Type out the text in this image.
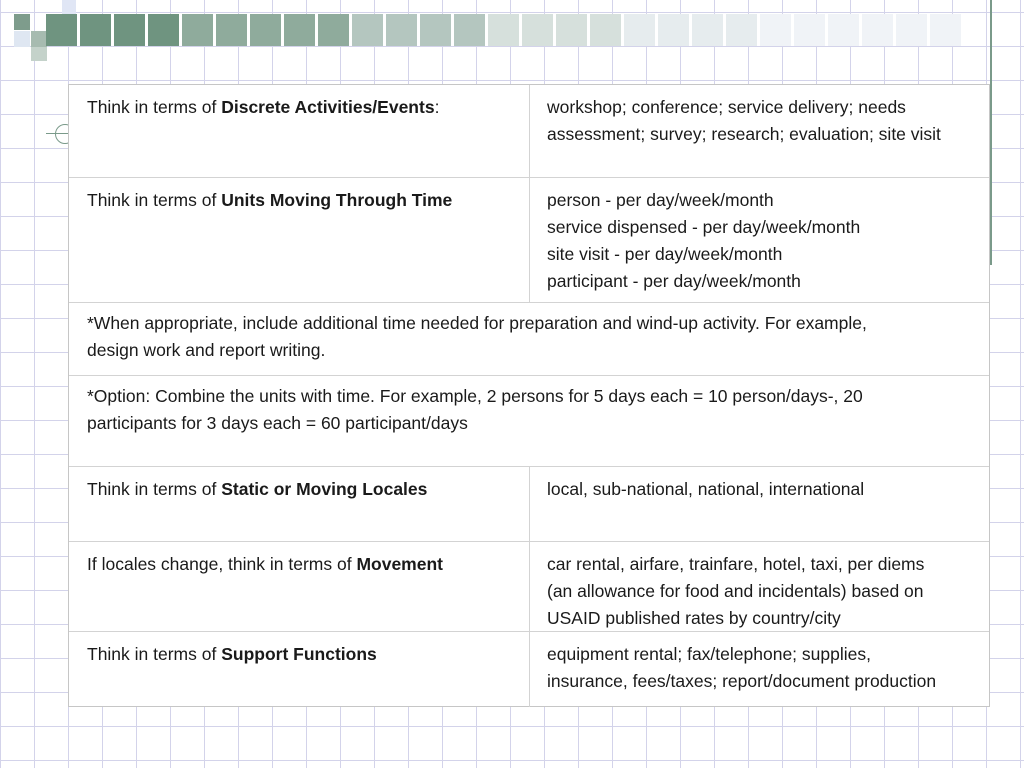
Think in terms of Discrete Activities/Events:	workshop; conference; service delivery; needs
assessment; survey; research; evaluation; site visit
Think in terms of Units Moving Through Time	person - per day/week/month
service dispensed - per day/week/month
site visit - per day/week/month
participant - per day/week/month
*When appropriate, include additional time needed for preparation and wind-up activity. For example,
design work and report writing.
*Option: Combine the units with time. For example, 2 persons for 5 days each = 10 person/days-, 20
participants for 3 days each = 60 participant/days
Think in terms of Static or Moving Locales	local, sub-national, national, international
If locales change, think in terms of Movement	car rental, airfare, trainfare, hotel, taxi, per diems
(an allowance for food and incidentals) based on
USAID published rates by country/city
Think in terms of Support Functions	equipment rental; fax/telephone; supplies,
insurance, fees/taxes; report/document production
